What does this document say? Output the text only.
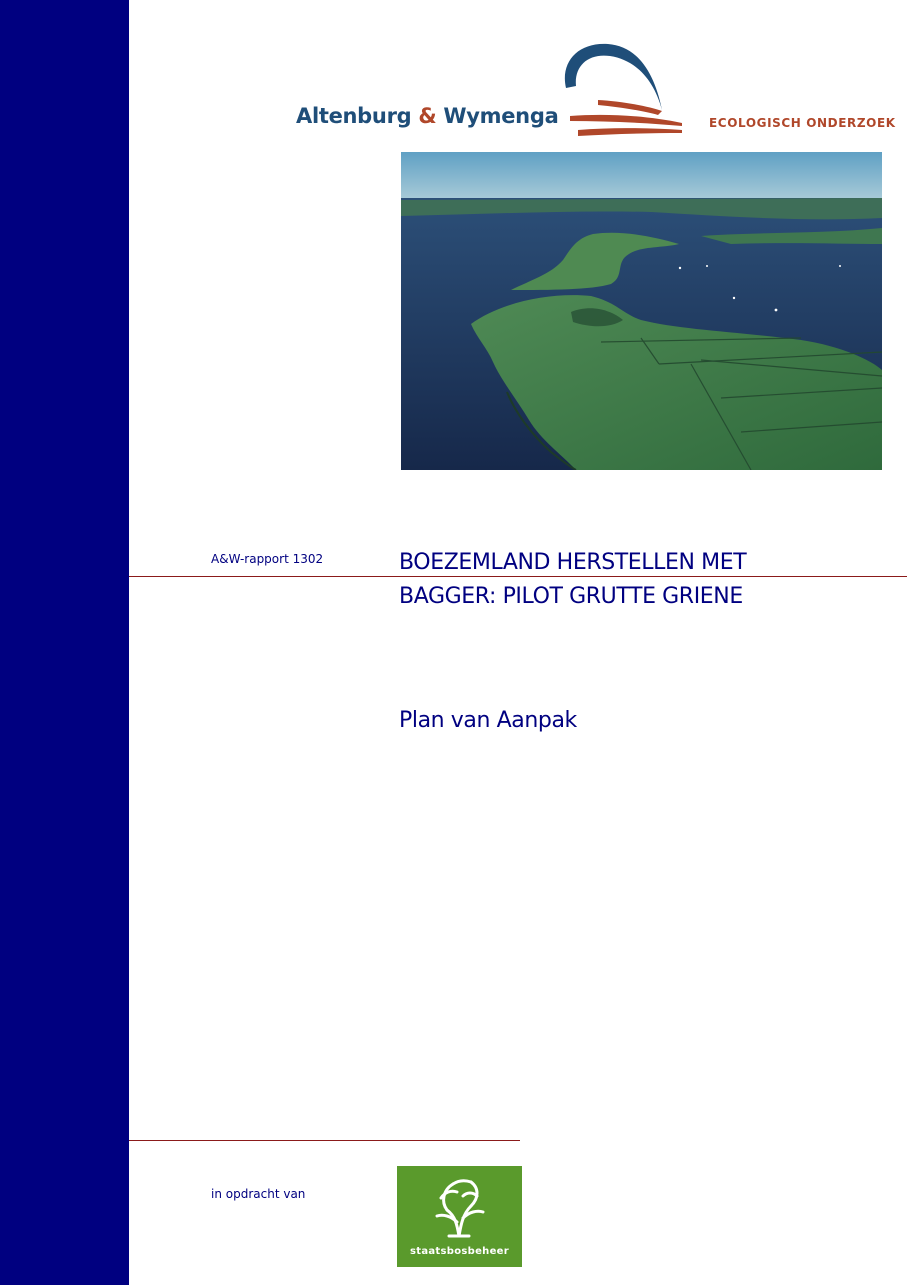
Altenburg & Wymenga	ECOLOGISCH ONDERZOEK
A&W-rapport 1302	BOEZEMLAND HERSTELLEN MET
BAGGER: PILOT GRUTTE GRIENE
Plan van Aanpak
in opdracht van
staatsbosbeheer
